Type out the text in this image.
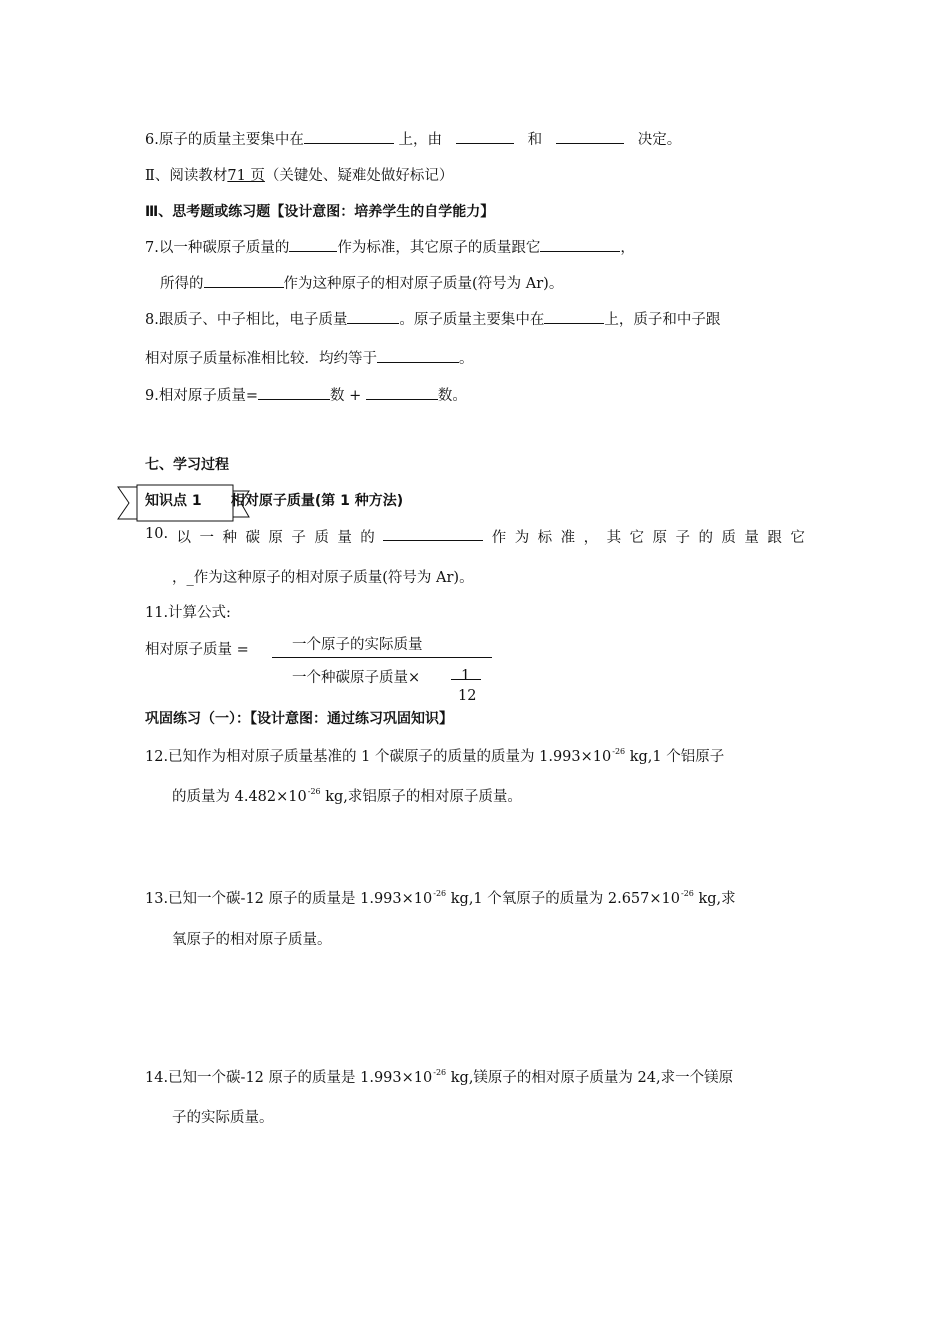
6.原子的质量主要集中在	上，由	和	决定。
Ⅱ、阅读教材71 页（关键处、疑难处做好标记）
Ⅲ、思考题或练习题【设计意图：培养学生的自学能力】
7.以一种碳原子质量的	作为标准，其它原子的质量跟它	，
所得的	作为这种原子的相对原子质量(符号为 Ar)。
8.跟质子、中子相比，电子质量	。原子质量主要集中在	上，质子和中子跟
相对原子质量标准相比较．均约等于	。
9.相对原子质量=	数 +	数。
七、学习过程
知识点 1 相对原子质量(第 1 种方法)
10. 以 一 种 碳 原 子 质 量 的	作 为 标 准 ， 其 它 原 子 的 质 量 跟 它
，_作为这种原子的相对原子质量(符号为 Ar)。
11.计算公式:
相对原子质量 =	一个原子的实际质量
一个种碳原子质量×	1
12
巩固练习（一）：【设计意图：通过练习巩固知识】
12.已知作为相对原子质量基准的 1 个碳原子的质量的质量为 $1.993\times 10^{-26}$ kg,1 个铝原子
的质量为 $4.482\times 10^{-26}$ kg,求铝原子的相对原子质量。
13.已知一个碳-12 原子的质量是 $1.993\times 10^{-26}$ kg,1 个氧原子的质量为 $2.657\times 10^{-26}$ kg,求
氧原子的相对原子质量。
14.已知一个碳-12 原子的质量是 $1.993\times 10^{-26}$ kg,镁原子的相对原子质量为 24,求一个镁原
子的实际质量。
